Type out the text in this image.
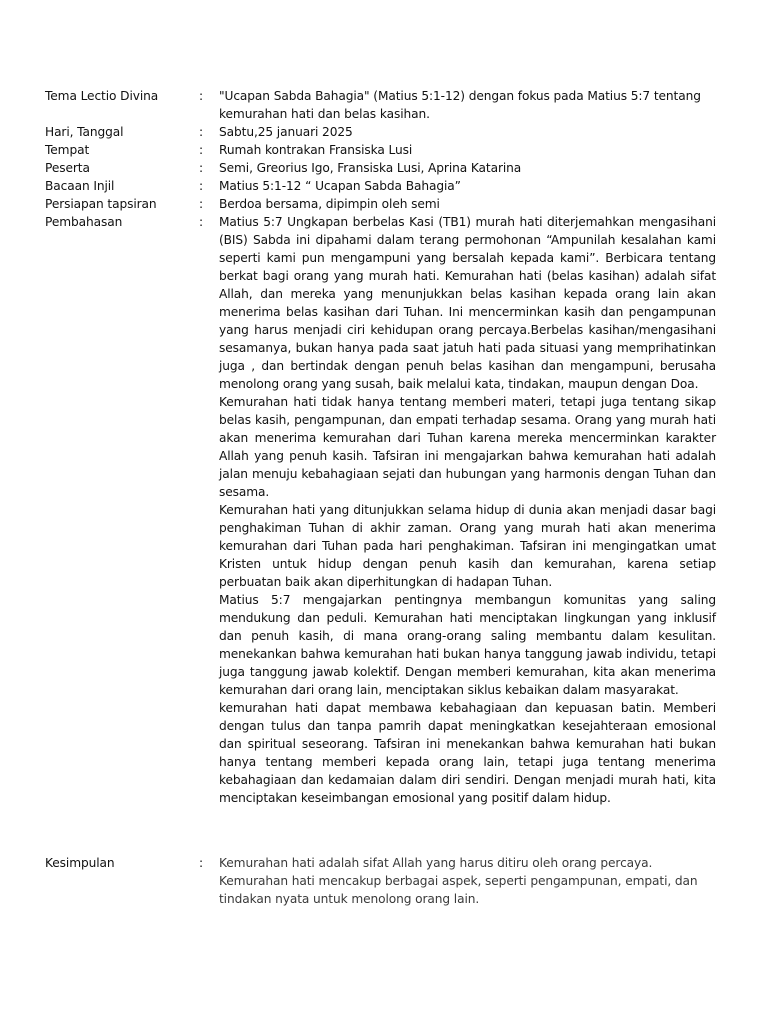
Tema Lectio Divina	: "Ucapan Sabda Bahagia" (Matius 5:1-12) dengan fokus pada Matius 5:7 tentang kemurahan hati dan belas kasihan.
Hari, Tanggal	: Sabtu,25 januari 2025
Tempat	: Rumah kontrakan Fransiska Lusi
Peserta	: Semi, Greorius Igo, Fransiska Lusi, Aprina Katarina
Bacaan Injil	: Matius 5:1-12 “ Ucapan Sabda Bahagia”
Persiapan tapsiran	: Berdoa bersama, dipimpin oleh semi
Pembahasan	: Matius 5:7 Ungkapan berbelas Kasi (TB1) murah hati diterjemahkan mengasihani (BIS) Sabda ini dipahami dalam terang permohonan “Ampunilah kesalahan kami seperti kami pun mengampuni yang bersalah kepada kami”. Berbicara tentang berkat bagi orang yang murah hati. Kemurahan hati (belas kasihan) adalah sifat Allah, dan mereka yang menunjukkan belas kasihan kepada orang lain akan menerima belas kasihan dari Tuhan. Ini mencerminkan kasih dan pengampunan yang harus menjadi ciri kehidupan orang percaya.Berbelas kasihan/mengasihani sesamanya, bukan hanya pada saat jatuh hati pada situasi yang memprihatinkan juga , dan bertindak dengan penuh belas kasihan dan mengampuni, berusaha menolong orang yang susah, baik melalui kata, tindakan, maupun dengan Doa.

Kemurahan hati tidak hanya tentang memberi materi, tetapi juga tentang sikap belas kasih, pengampunan, dan empati terhadap sesama. Orang yang murah hati akan menerima kemurahan dari Tuhan karena mereka mencerminkan karakter Allah yang penuh kasih. Tafsiran ini mengajarkan bahwa kemurahan hati adalah jalan menuju kebahagiaan sejati dan hubungan yang harmonis dengan Tuhan dan sesama.

Kemurahan hati yang ditunjukkan selama hidup di dunia akan menjadi dasar bagi penghakiman Tuhan di akhir zaman. Orang yang murah hati akan menerima kemurahan dari Tuhan pada hari penghakiman. Tafsiran ini mengingatkan umat Kristen untuk hidup dengan penuh kasih dan kemurahan, karena setiap perbuatan baik akan diperhitungkan di hadapan Tuhan.

Matius 5:7 mengajarkan pentingnya membangun komunitas yang saling mendukung dan peduli. Kemurahan hati menciptakan lingkungan yang inklusif dan penuh kasih, di mana orang-orang saling membantu dalam kesulitan. menekankan bahwa kemurahan hati bukan hanya tanggung jawab individu, tetapi juga tanggung jawab kolektif. Dengan memberi kemurahan, kita akan menerima kemurahan dari orang lain, menciptakan siklus kebaikan dalam masyarakat.

kemurahan hati dapat membawa kebahagiaan dan kepuasan batin. Memberi dengan tulus dan tanpa pamrih dapat meningkatkan kesejahteraan emosional dan spiritual seseorang. Tafsiran ini menekankan bahwa kemurahan hati bukan hanya tentang memberi kepada orang lain, tetapi juga tentang menerima kebahagiaan dan kedamaian dalam diri sendiri. Dengan menjadi murah hati, kita menciptakan keseimbangan emosional yang positif dalam hidup.

Kesimpulan	: Kemurahan hati adalah sifat Allah yang harus ditiru oleh orang percaya.

Kemurahan hati mencakup berbagai aspek, seperti pengampunan, empati, dan tindakan nyata untuk menolong orang lain.
